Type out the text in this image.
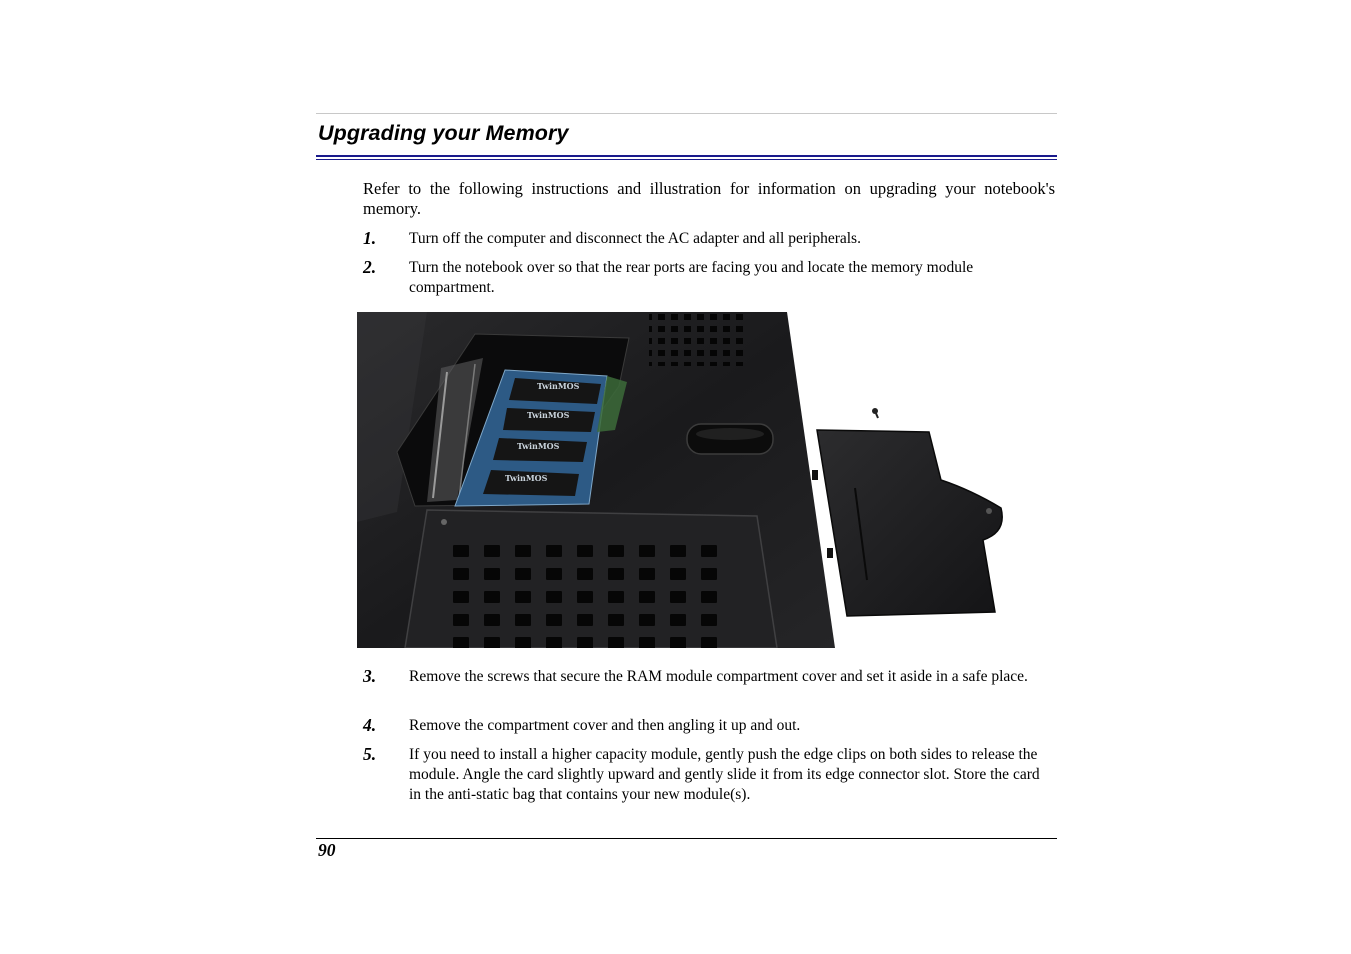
Upgrading your Memory
Refer to the following instructions and illustration for information on upgrading your notebook's memory.
1. Turn off the computer and disconnect the AC adapter and all peripherals.
2. Turn the notebook over so that the rear ports are facing you and locate the memory module compartment.
TwinMOS
TwinMOS
TwinMOS
TwinMOS
3. Remove the screws that secure the RAM module compartment cover and set it aside in a safe place.
4. Remove the compartment cover and then angling it up and out.
5. If you need to install a higher capacity module, gently push the edge clips on both sides to release the module. Angle the card slightly upward and gently slide it from its edge connector slot. Store the card in the anti-static bag that contains your new module(s).
90
